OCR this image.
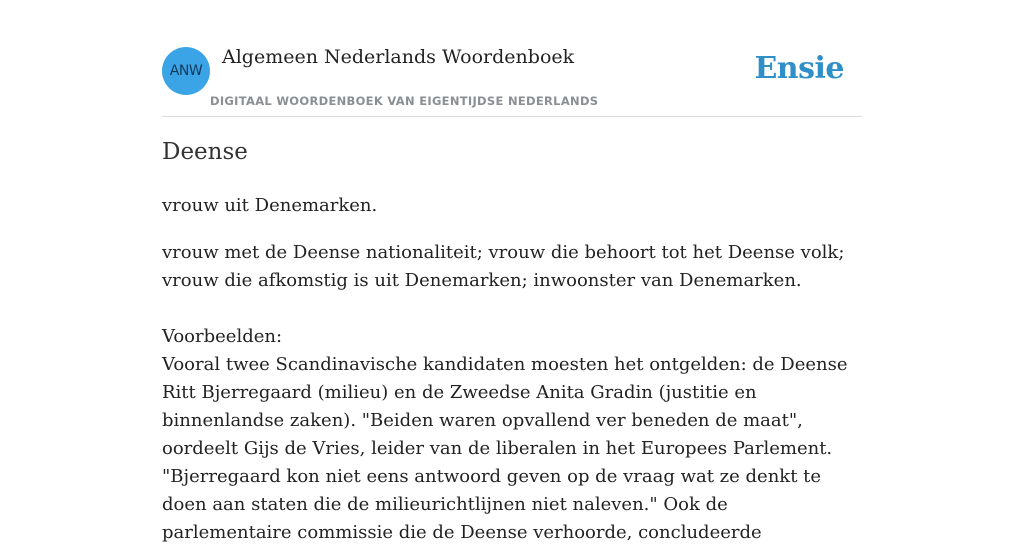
ANW
Algemeen Nederlands Woordenboek
DIGITAAL WOORDENBOEK VAN EIGENTIJDSE NEDERLANDS
Ensie
Deense
vrouw uit Denemarken.
vrouw met de Deense nationaliteit; vrouw die behoort tot het Deense volk; vrouw die afkomstig is uit Denemarken; inwoonster van Denemarken.

Voorbeelden:

Vooral twee Scandinavische kandidaten moesten het ontgelden: de Deense Ritt Bjerregaard (milieu) en de Zweedse Anita Gradin (justitie en binnenlandse zaken). "Beiden waren opvallend ver beneden de maat", oordeelt Gijs de Vries, leider van de liberalen in het Europees Parlement. "Bjerregaard kon niet eens antwoord geven op de vraag wat ze denkt te doen aan staten die de milieurichtlijnen niet naleven." Ook de parlementaire commissie die de Deense verhoorde, concludeerde
